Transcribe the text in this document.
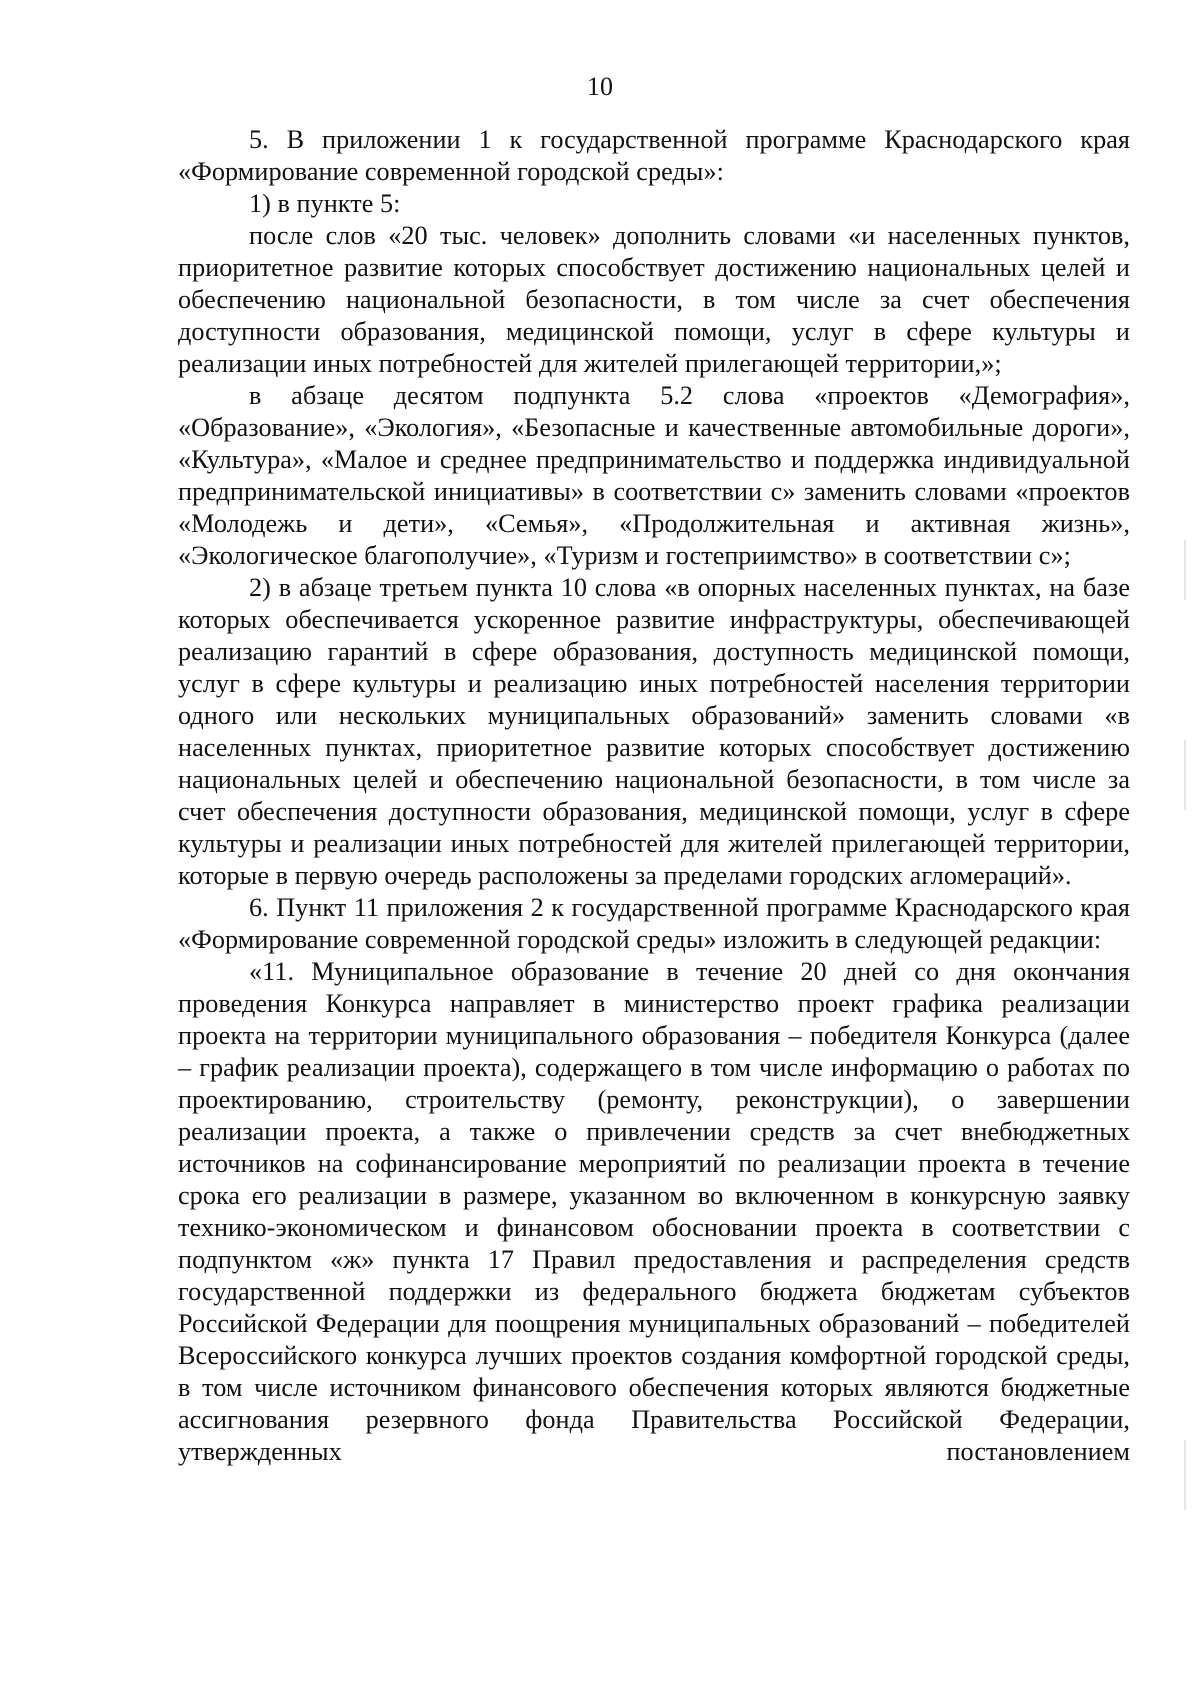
10

5. В приложении 1 к государственной программе Краснодарского края «Формирование современной городской среды»:

1) в пункте 5:

после слов «20 тыс. человек» дополнить словами «и населенных пунктов, приоритетное развитие которых способствует достижению национальных целей и обеспечению национальной безопасности, в том числе за счет обеспечения доступности образования, медицинской помощи, услуг в сфере культуры и реализации иных потребностей для жителей прилегающей территории,»;

в абзаце десятом подпункта 5.2 слова «проектов «Демография», «Образование», «Экология», «Безопасные и качественные автомобильные дороги», «Культура», «Малое и среднее предпринимательство и поддержка индивидуальной предпринимательской инициативы» в соответствии с» заменить словами «проектов «Молодежь и дети», «Семья», «Продолжительная и активная жизнь», «Экологическое благополучие», «Туризм и гостеприимство» в соответствии с»;

2) в абзаце третьем пункта 10 слова «в опорных населенных пунктах, на базе которых обеспечивается ускоренное развитие инфраструктуры, обеспечивающей реализацию гарантий в сфере образования, доступность медицинской помощи, услуг в сфере культуры и реализацию иных потребностей населения территории одного или нескольких муниципальных образований» заменить словами «в населенных пунктах, приоритетное развитие которых способствует достижению национальных целей и обеспечению национальной безопасности, в том числе за счет обеспечения доступности образования, медицинской помощи, услуг в сфере культуры и реализации иных потребностей для жителей прилегающей территории, которые в первую очередь расположены за пределами городских агломераций».

6. Пункт 11 приложения 2 к государственной программе Краснодарского края «Формирование современной городской среды» изложить в следующей редакции:

«11. Муниципальное образование в течение 20 дней со дня окончания проведения Конкурса направляет в министерство проект графика реализации проекта на территории муниципального образования – победителя Конкурса (далее – график реализации проекта), содержащего в том числе информацию о работах по проектированию, строительству (ремонту, реконструкции), о завершении реализации проекта, а также о привлечении средств за счет внебюджетных источников на софинансирование мероприятий по реализации проекта в течение срока его реализации в размере, указанном во включенном в конкурсную заявку технико-экономическом и финансовом обосновании проекта в соответствии с подпунктом «ж» пункта 17 Правил предоставления и распределения средств государственной поддержки из федерального бюджета бюджетам субъектов Российской Федерации для поощрения муниципальных образований – победителей Всероссийского конкурса лучших проектов создания комфортной городской среды, в том числе источником финансового обеспечения которых являются бюджетные ассигнования резервного фонда Правительства Российской Федерации, утвержденных постановлением
